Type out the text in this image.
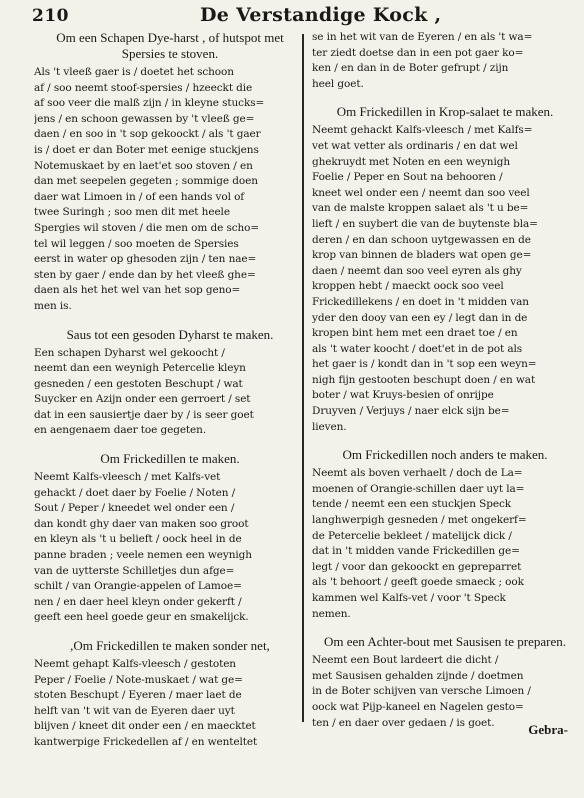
210	De Verstandige Kock ,
Om een Schapen Dye-harst , of hutspot met Spersies te stoven.
Als 't vleeß gaer is / doetet het schoon
af / soo neemt stoof-spersies / hzeeckt die
af soo veer die malß zijn / in kleyne stucks=
jens / en schoon gewassen by 't vleeß ge=
daen / en soo in 't sop gekoockt / als 't gaer
is / doet er dan Boter met eenige stuckjens
Notemuskaet by en laet'et soo stoven / en
dan met seepelen gegeten ; sommige doen
daer wat Limoen in / of een hands vol of
twee Suringh ; soo men dit met heele
Spergies wil stoven / die men om de scho=
tel wil leggen / soo moeten de Spersies
eerst in water op ghesoden zijn / ten nae=
sten by gaer / ende dan by het vleeß ghe=
daen als het het wel van het sop geno=
men is.
Saus tot een gesoden Dyharst te maken.
Een schapen Dyharst wel gekoocht /
neemt dan een weynigh Petercelie kleyn
gesneden / een gestoten Beschupt / wat
Suycker en Azijn onder een gerroert / set
dat in een sausiertje daer by / is seer goet
en aengenaem daer toe gegeten.
Om Frickedillen te maken.
Neemt Kalfs-vleesch / met Kalfs-vet
gehackt / doet daer by Foelie / Noten /
Sout / Peper / kneedet wel onder een /
dan kondt ghy daer van maken soo groot
en kleyn als 't u belieft / oock heel in de
panne braden ; veele nemen een weynigh
van de uytterste Schilletjes dun afge=
schilt / van Orangie-appelen of Lamoe=
nen / en daer heel kleyn onder gekerft /
geeft een heel goede geur en smakelijck.
,Om Frickedillen te maken sonder net,
Neemt gehapt Kalfs-vleesch / gestoten
Peper / Foelie / Note-muskaet / wat ge=
stoten Beschupt / Eyeren / maer laet de
helft van 't wit van de Eyeren daer uyt
blijven / kneet dit onder een / en maecktet
kantwerpige Frickedellen af / en wenteltet
se in het wit van de Eyeren / en als 't wa=
ter ziedt doetse dan in een pot gaer ko=
ken / en dan in de Boter gefrupt / zijn
heel goet.
Om Frickedillen in Krop-salaet te maken.
Neemt gehackt Kalfs-vleesch / met Kalfs=
vet wat vetter als ordinaris / en dat wel
ghekruydt met Noten en een weynigh
Foelie / Peper en Sout na behooren /
kneet wel onder een / neemt dan soo veel
van de malste kroppen salaet als 't u be=
lieft / en suybert die van de buytenste bla=
deren / en dan schoon uytgewassen en de
krop van binnen de bladers wat open ge=
daen / neemt dan soo veel eyren als ghy
kroppen hebt / maeckt oock soo veel
Frickedillekens / en doet in 't midden van
yder den dooy van een ey / legt dan in de
kropen bint hem met een draet toe / en
als 't water koocht / doet'et in de pot als
het gaer is / kondt dan in 't sop een weyn=
nigh fijn gestooten beschupt doen / en wat
boter / wat Kruys-besien of onrijpe
Druyven / Verjuys / naer elck sijn be=
lieven.
Om Frickedillen noch anders te maken.
Neemt als boven verhaelt / doch de La=
moenen of Orangie-schillen daer uyt la=
tende / neemt een een stuckjen Speck
langhwerpigh gesneden / met ongekerf=
de Petercelie bekleet / matelijck dick /
dat in 't midden vande Frickedillen ge=
legt / voor dan gekoockt en gepreparret
als 't behoort / geeft goede smaeck ; ook
kammen wel Kalfs-vet / voor 't Speck
nemen.
Om een Achter-bout met Sausisen te preparen.
Neemt een Bout lardeert die dicht /
met Sausisen gehalden zijnde / doetmen
in de Boter schijven van versche Limoen /
oock wat Pijp-kaneel en Nagelen gesto=
ten / en daer over gedaen / is goet.	Gebra-
